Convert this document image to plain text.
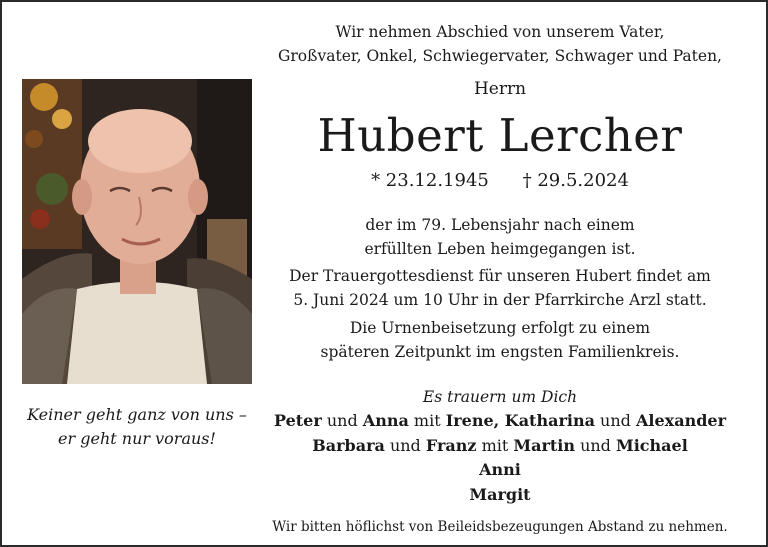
Keiner geht ganz von uns –
er geht nur voraus!
Wir nehmen Abschied von unserem Vater,
Großvater, Onkel, Schwiegervater, Schwager und Paten,
Herrn
Hubert Lercher
* 23.12.1945 † 29.5.2024
der im 79. Lebensjahr nach einem
erfüllten Leben heimgegangen ist.
Der Trauergottesdienst für unseren Hubert findet am
5. Juni 2024 um 10 Uhr in der Pfarrkirche Arzl statt.
Die Urnenbeisetzung erfolgt zu einem
späteren Zeitpunkt im engsten Familienkreis.
Es trauern um Dich
Peter und Anna mit Irene, Katharina und Alexander
Barbara und Franz mit Martin und Michael
Anni
Margit
Wir bitten höflichst von Beileidsbezeugungen Abstand zu nehmen.
